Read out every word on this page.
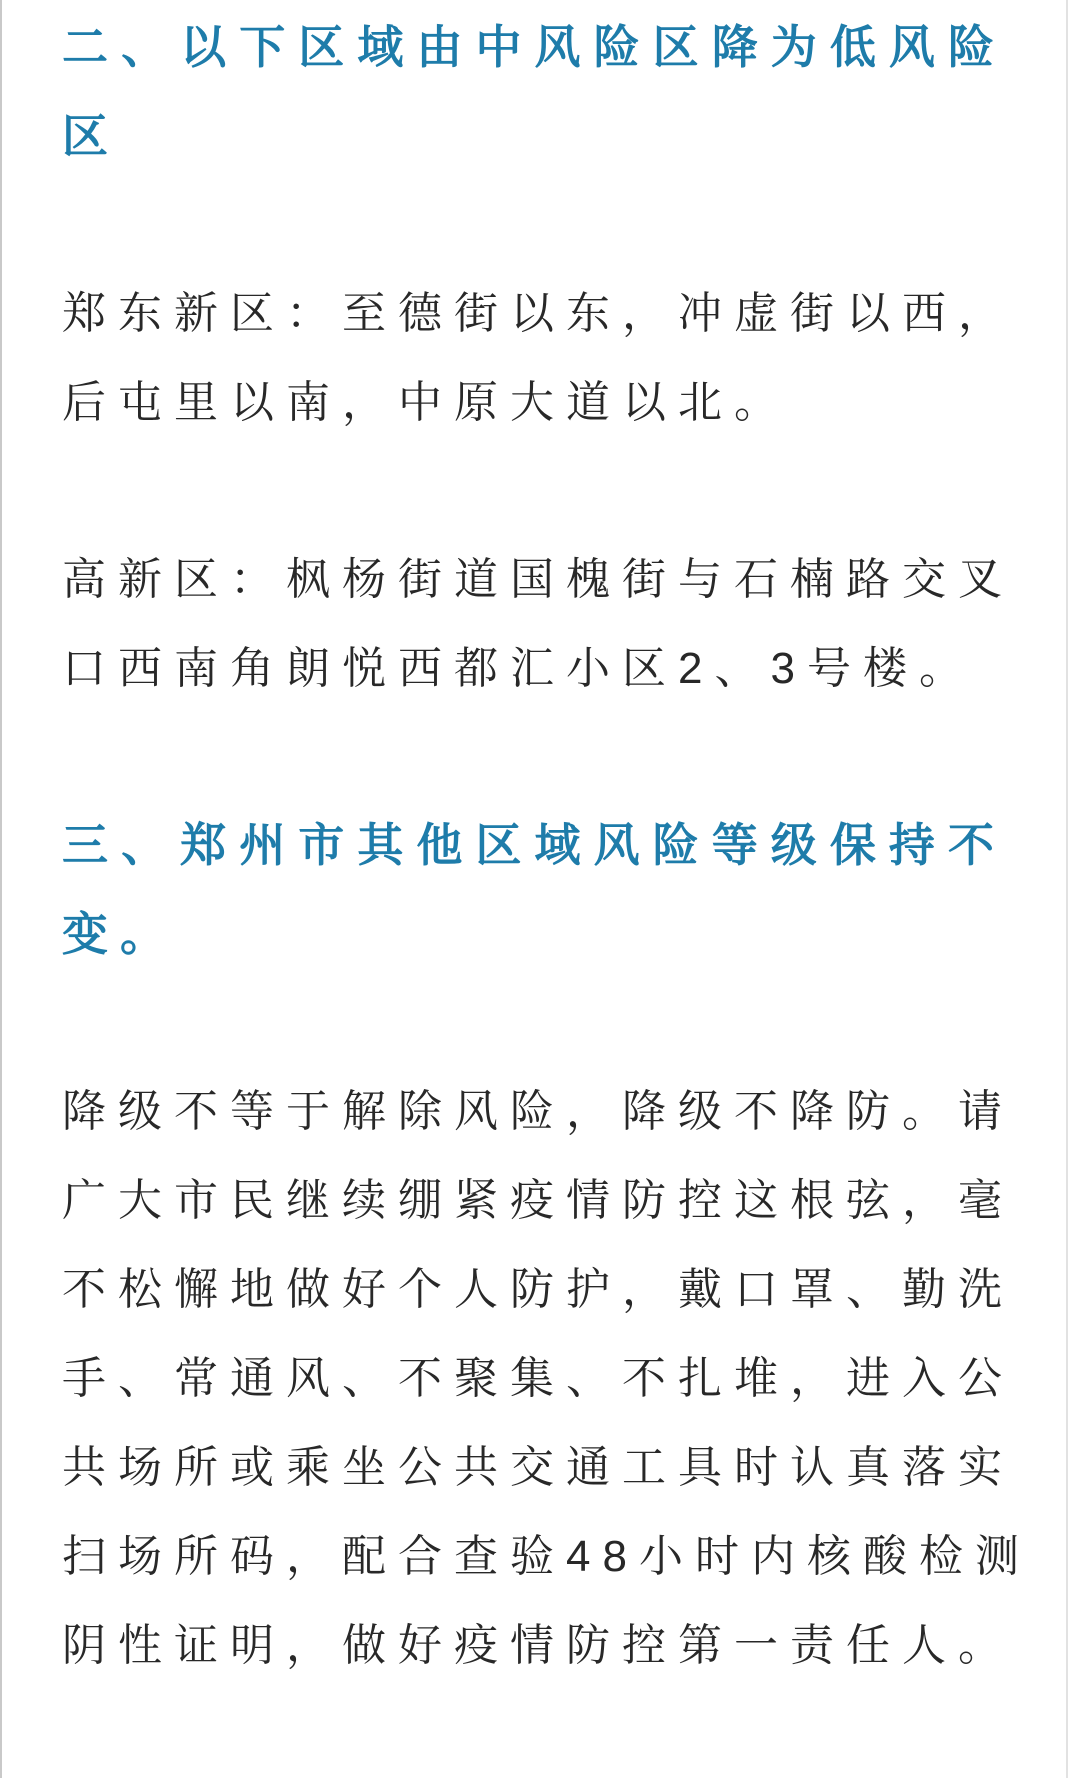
二、以下区域由中风险区降为低风险
区

郑东新区：至德街以东，冲虚街以西，
后屯里以南，中原大道以北。

高新区：枫杨街道国槐街与石楠路交叉
口西南角朗悦西都汇小区2、3号楼。

三、郑州市其他区域风险等级保持不
变。

降级不等于解除风险，降级不降防。请
广大市民继续绷紧疫情防控这根弦，毫
不松懈地做好个人防护，戴口罩、勤洗
手、常通风、不聚集、不扎堆，进入公
共场所或乘坐公共交通工具时认真落实
扫场所码，配合查验48小时内核酸检测
阴性证明，做好疫情防控第一责任人。
